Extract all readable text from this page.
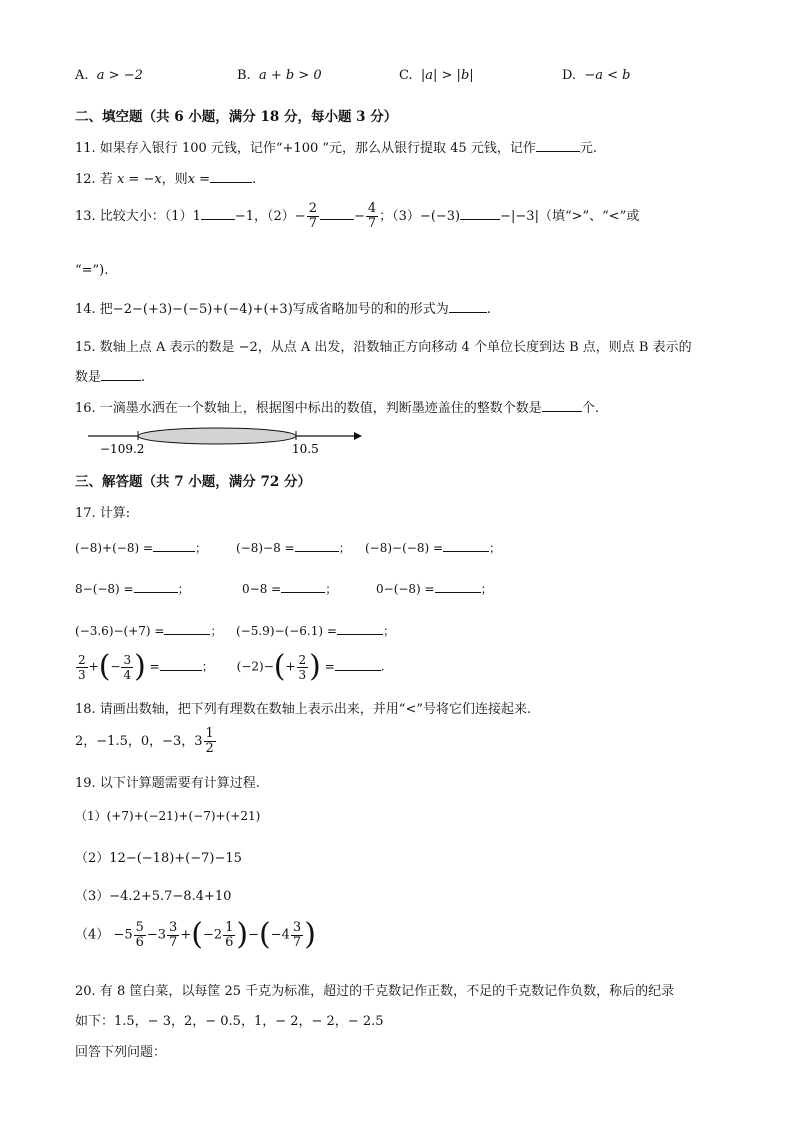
A. a > −2	B. a + b > 0	C. |a| > |b|	D. −a < b
二、填空题（共 6 小题，满分 18 分，每小题 3 分）
11. 如果存入银行 100 元钱，记作“+100 ”元，那么从银行提取 45 元钱，记作	元.
12. 若 x = −x，则x =	.
13. 比较大小：（1）1	−1，$(2)- \frac{2}{7}$	− $\frac{4}{7}$ ；（3）−(−3)	−|−3|（填“>”、“<”或
“=”).
14. 把−2−(+3)−(−5)+(−4)+(+3)写成省略加号的和的形式为	.
15. 数轴上点 A 表示的数是 −2，从点 A 出发，沿数轴正方向移动 4 个单位长度到达 B 点，则点 B 表示的
数是	.
16. 一滴墨水洒在一个数轴上，根据图中标出的数值，判断墨迹盖住的整数个数是	个.
−109.2	10.5
三、解答题（共 7 小题，满分 72 分）
17. 计算:
(−8)+(−8) =	； (−8)−8 =	； (−8)−(−8) =	；
8−(−8) =	；	0−8 =	；	0−(−8) =	；
(−3.6)−(+7) =	； (−5.9)−(−6.1) =	；
$\frac{2}{3}$ +(− $\frac{3}{4}$ ) =	； $(-2)-(+ \frac{2}{3}$ ) =	.
18. 请画出数轴，把下列有理数在数轴上表示出来，并用“<”号将它们连接起来.
2，−1.5，0，−3，$3 \frac{1}{2}$
19. 以下计算题需要有计算过程.
（1）(+7)+(−21)+(−7)+(+21)
（2）12−(−18)+(−7)−15
（3）−4.2+5.7−8.4+10
$(4) -5 \frac{5}{6} -3 \frac{3}{7} +(-2 \frac{1}{6} )-(-4 \frac{3}{7}$ )
20. 有 8 筐白菜，以每筐 25 千克为标准，超过的千克数记作正数，不足的千克数记作负数，称后的纪录
如下：1.5，− 3，2，− 0.5，1，− 2，− 2，− 2.5
回答下列问题：
